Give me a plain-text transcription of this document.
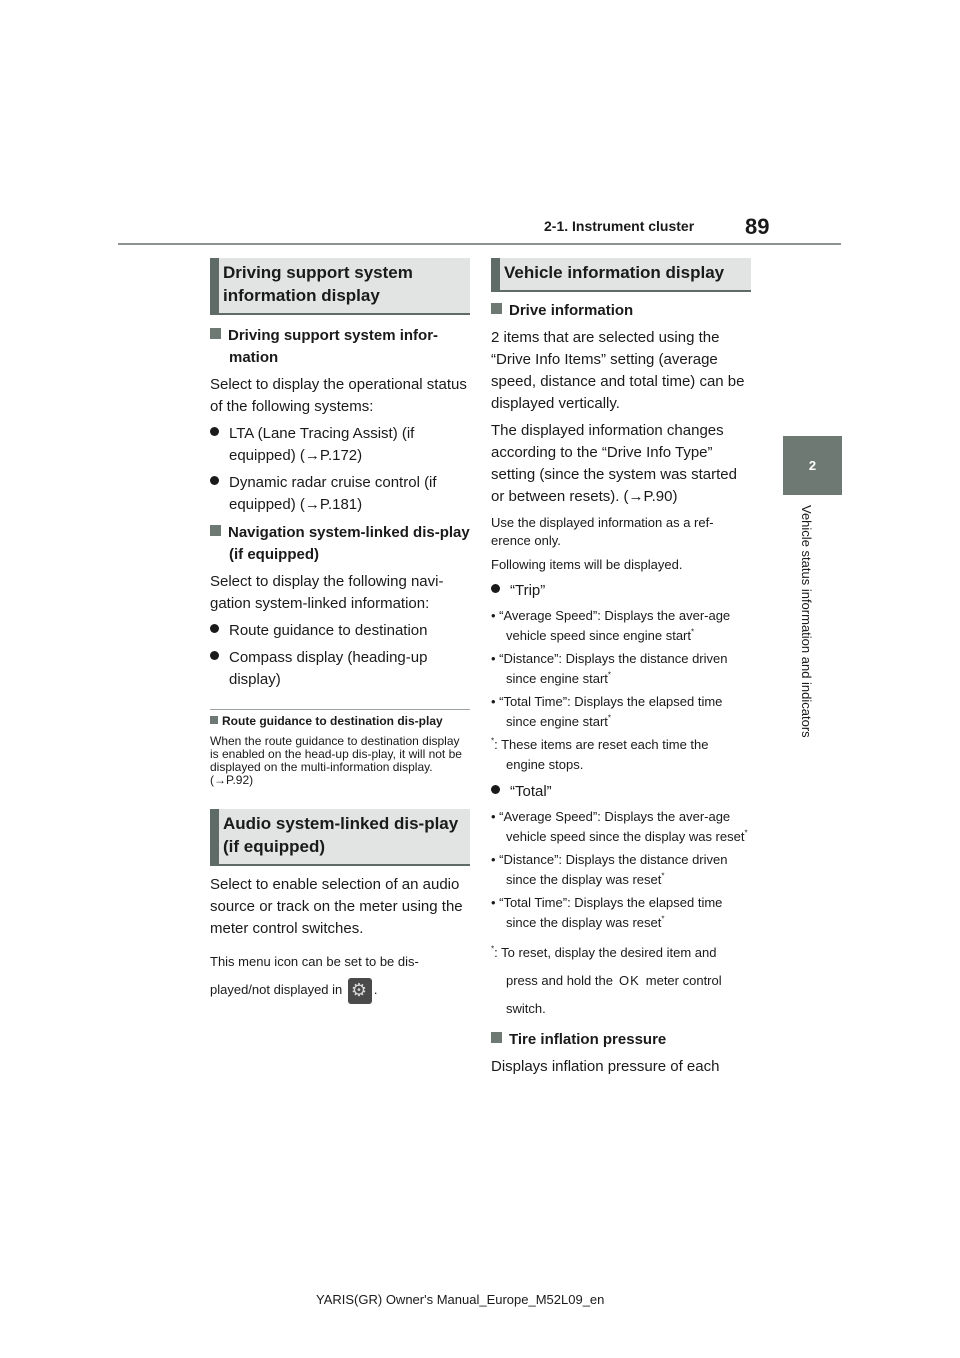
2-1. Instrument cluster 89
2
Vehicle status information and indicators
Driving support system information display
Driving support system infor-mation
Select to display the operational status of the following systems:
LTA (Lane Tracing Assist) (if equipped) (→P.172)
Dynamic radar cruise control (if equipped) (→P.181)
Navigation system-linked dis-play (if equipped)
Select to display the following navi-gation system-linked information:
Route guidance to destination
Compass display (heading-up display)
Route guidance to destination dis-play
When the route guidance to destination display is enabled on the head-up dis-play, it will not be displayed on the multi-information display. (→P.92)
Audio system-linked dis-play (if equipped)
Select to enable selection of an audio source or track on the meter using the meter control switches.
This menu icon can be set to be dis-played/not displayed in ⚙ .
Vehicle information display
Drive information
2 items that are selected using the “Drive Info Items” setting (average speed, distance and total time) can be displayed vertically.
The displayed information changes according to the “Drive Info Type” setting (since the system was started or between resets). (→P.90)
Use the displayed information as a ref-erence only.
Following items will be displayed.
“Trip”
• “Average Speed”: Displays the aver-age vehicle speed since engine start*
• “Distance”: Displays the distance driven since engine start*
• “Total Time”: Displays the elapsed time since engine start*
*: These items are reset each time the engine stops.
“Total”
• “Average Speed”: Displays the aver-age vehicle speed since the display was reset*
• “Distance”: Displays the distance driven since the display was reset*
• “Total Time”: Displays the elapsed time since the display was reset*
*: To reset, display the desired item and press and hold the OK meter control switch.
Tire inflation pressure
Displays inflation pressure of each
YARIS(GR) Owner's Manual_Europe_M52L09_en
